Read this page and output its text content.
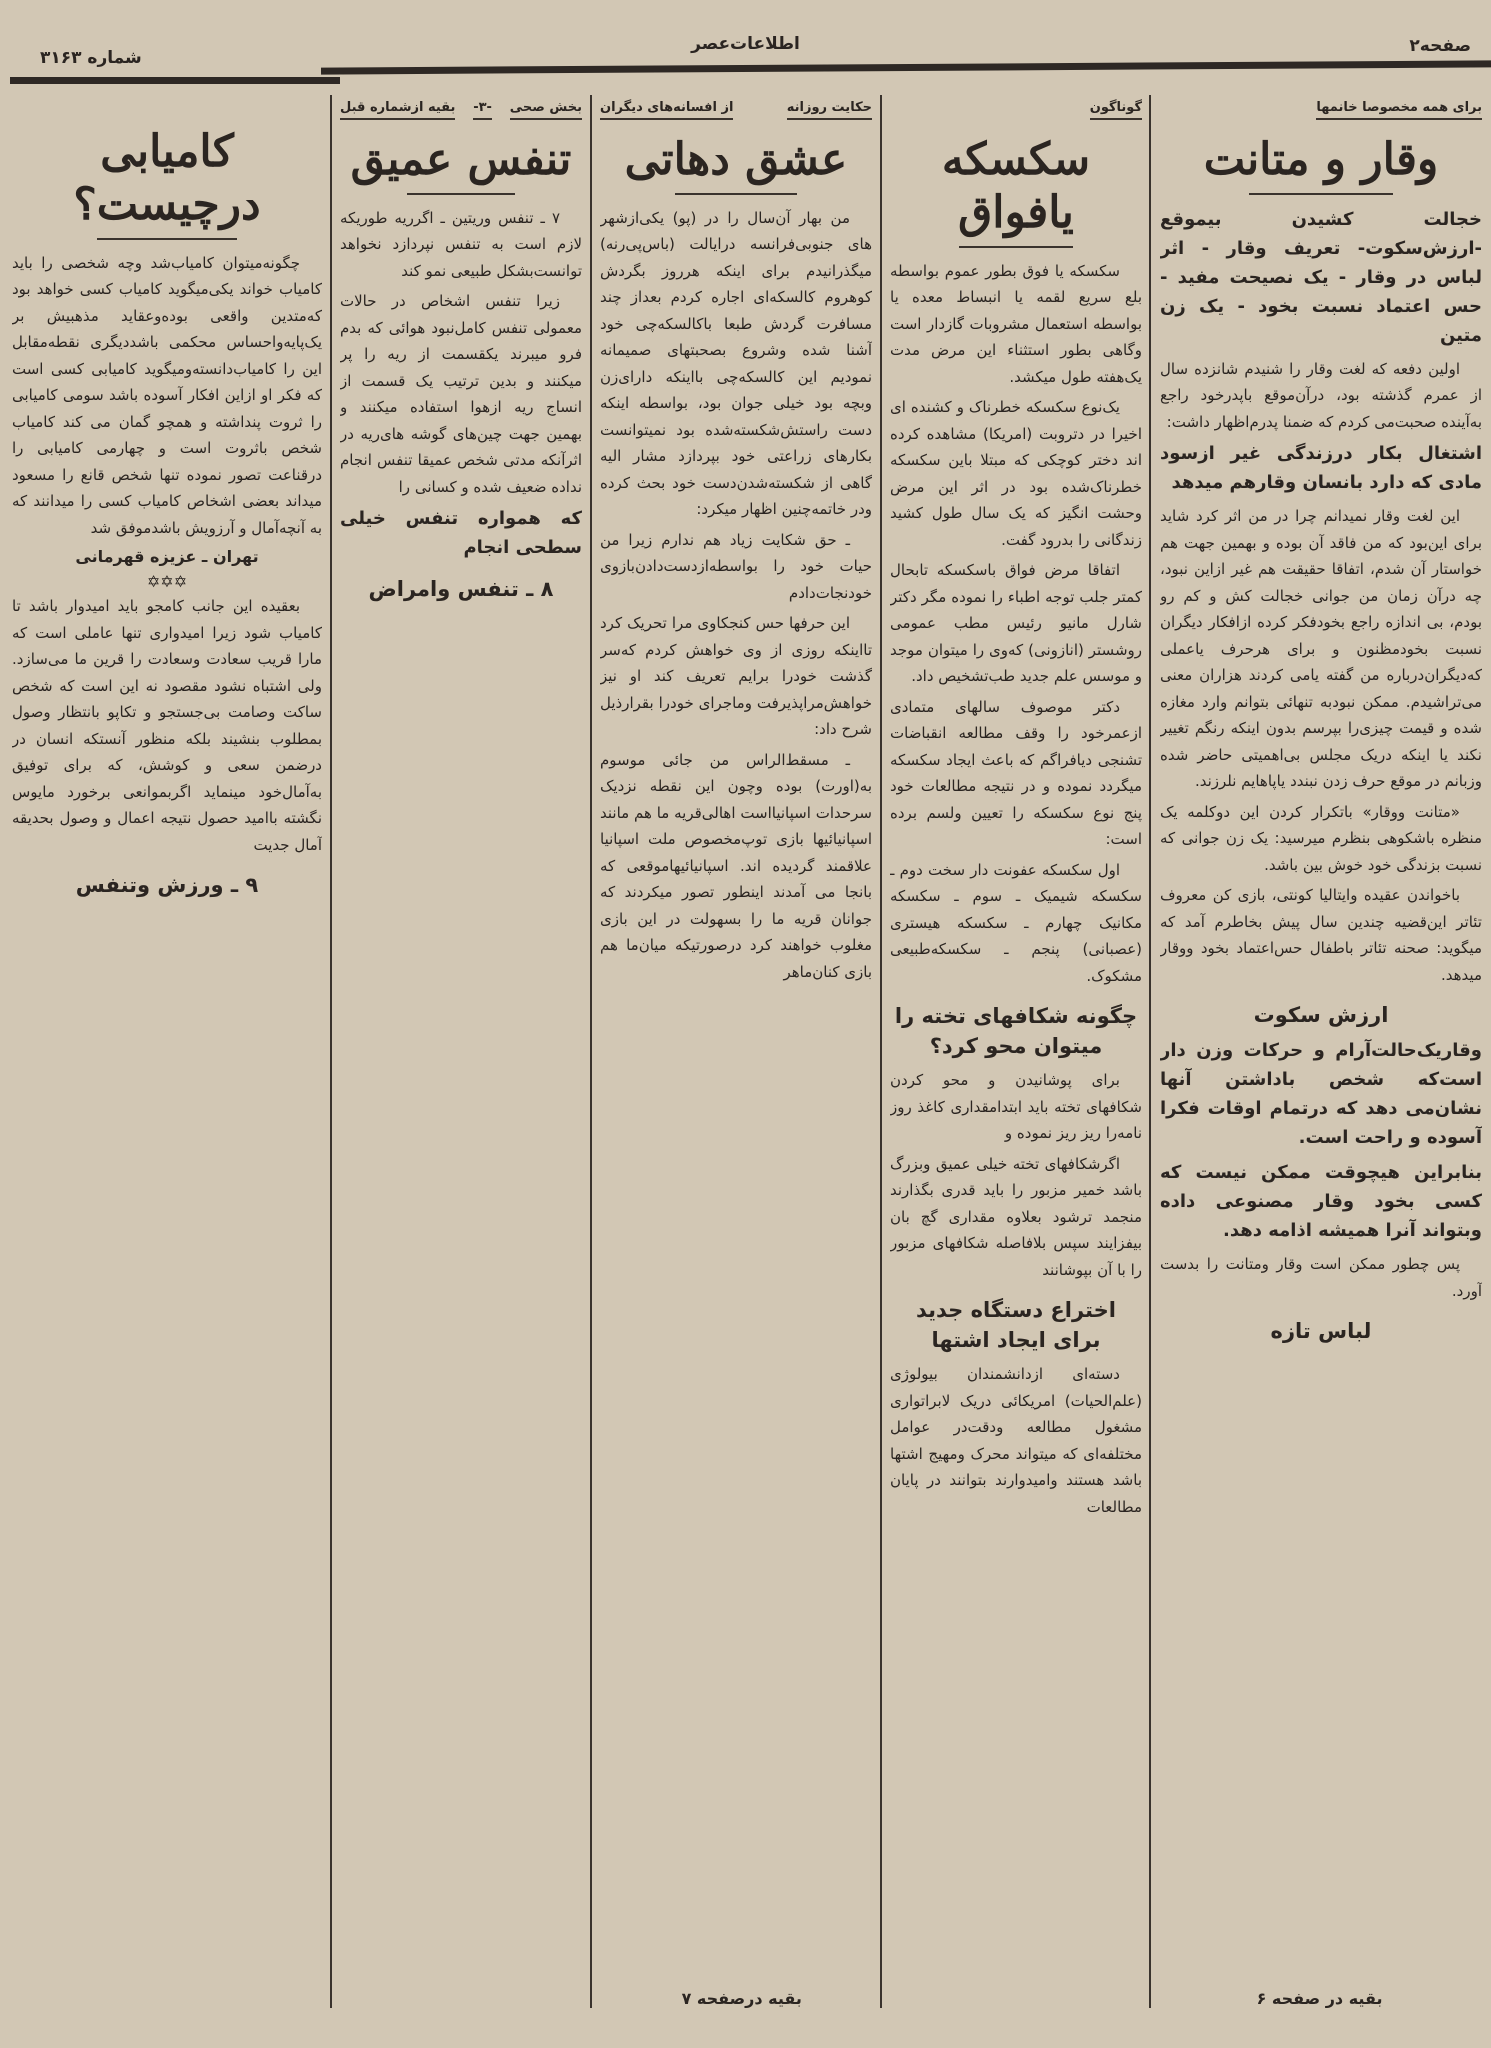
صفحه۲
اطلاعات‌عصر
شماره ۳۱۶۳
برای همه مخصوصا خانمها
وقار و متانت
خجالت کشیدن بیموقع -ارزش‌سکوت- تعریف وقار - اثر لباس در وقار - یک نصیحت مفید - حس اعتماد نسبت بخود - یک زن متین
اولین دفعه که لغت وقار را شنیدم شانزده سال از عمرم گذشته بود، درآن‌موقع باپدرخود راجع به‌آینده صحبت‌می کردم که ضمنا پدرم‌اظهار داشت:
اشتغال بکار درزندگی غیر ازسود مادی که دارد بانسان وقارهم میدهد
این لغت وقار نمیدانم چرا در من اثر کرد شاید برای این‌بود که من فاقد آن بوده و بهمین جهت هم خواستار آن شدم، اتفاقا حقیقت هم غیر ازاین نبود، چه درآن زمان من جوانی خجالت کش و کم رو بودم، بی اندازه راجع بخودفکر کرده ازافکار دیگران نسبت بخودمظنون و برای هرحرف یاعملی که‌دیگران‌درباره من گفته یامی کردند هزاران معنی می‌تراشیدم. ممکن نبودبه تنهائی بتوانم وارد مغازه شده و قیمت چیزی‌را بپرسم بدون اینکه رنگم تغییر نکند یا اینکه دریک مجلس بی‌اهمیتی حاضر شده وزبانم در موقع حرف زدن نبندد یاپاهایم نلرزند.
«متانت ووقار» باتکرار کردن این دوکلمه یک منظره باشکوهی بنظرم میرسید: یک زن جوانی که نسبت بزندگی خود خوش بین باشد.
باخواندن عقیده وایتالیا کونتی، بازی کن معروف تئاتر این‌قضیه چندین سال پیش بخاطرم آمد که میگوید: صحنه تئاتر باطفال حس‌اعتماد بخود ووقار میدهد.
ارزش سکوت
وقاریک‌حالت‌آرام و حرکات وزن دار است‌که شخص باداشتن آنها نشان‌می دهد که درتمام اوقات فکرا آسوده و راحت است.
بنابراین هیچوقت ممکن نیست که کسی بخود وقار مصنوعی داده وبتواند آنرا همیشه اذامه دهد.
پس چطور ممکن است وقار ومتانت را بدست آورد.
لباس تازه
بقیه در صفحه ۶
گوناگون
سکسکه یافواق
سکسکه یا فوق بطور عموم بواسطه بلع سریع لقمه یا انبساط معده یا بواسطه استعمال مشروبات گازدار است وگاهی بطور استثناء این مرض مدت یک‌هفته طول میکشد.
یک‌نوع سکسکه خطرناک و کشنده ای اخیرا در دتروبت (امریکا) مشاهده کرده اند دختر کوچکی که مبتلا باین سکسکه خطرناک‌شده بود در اثر این مرض وحشت انگیز که یک سال طول کشید زندگانی را بدرود گفت.
اتفاقا مرض فواق باسکسکه تابحال کمتر جلب توجه اطباء را نموده مگر دکتر شارل مانیو رئیس مطب عمومی روشستر (انازونی) که‌وی را میتوان موجد و موسس علم جدید طب‌تشخیص داد.
دکتر موصوف سالهای متمادی ازعمرخود را وقف مطالعه انقباضات تشنجی دیافراگم که باعث ایجاد سکسکه میگردد نموده و در نتیجه مطالعات خود پنج نوع سکسکه را تعیین ولسم برده است:
اول سکسکه عفونت دار سخت دوم ـ سکسکه شیمیک ـ سوم ـ سکسکه مکانیک چهارم ـ سکسکه هیستری (عصبانی) پنجم ـ سکسکه‌طبیعی مشکوک.
چگونه شکافهای تخته را میتوان محو کرد؟
برای پوشانیدن و محو کردن شکافهای تخته باید ابتدامقداری کاغذ روز نامه‌را ریز ریز نموده و
اگرشکافهای تخته خیلی عمیق وبزرگ باشد خمیر مزبور را باید قدری بگذارند منجمد ترشود بعلاوه مقداری گچ بان بیفزایند سپس بلافاصله شکافهای مزبور را با آن بپوشانند
اختراع دستگاه جدید برای ایجاد اشتها
دسته‌ای ازدانشمندان بیولوژی (علم‌الحیات) امریکائی دریک لابراتواری مشغول مطالعه ودقت‌در عوامل مختلفه‌ای که میتواند محرک ومهیج اشتها باشد هستند وامیدوارند بتوانند در پایان مطالعات
حکایت روزانه
از افسانه‌های دیگران
عشق دهاتی
من بهار آن‌سال را در (پو) یکی‌ازشهر های جنوبی‌فرانسه درایالت (باس‌پی‌رنه) میگذرانیدم برای اینکه هرروز بگردش کوهروم کالسکه‌ای اجاره کردم بعداز چند مسافرت گردش طبعا باکالسکه‌چی خود آشنا شده وشروع بصحبتهای صمیمانه نمودیم این کالسکه‌چی بااینکه دارای‌زن وبچه بود خیلی جوان بود، بواسطه اینکه دست راستش‌شکسته‌شده بود نمیتوانست بکارهای زراعتی خود بپردازد مشار الیه گاهی از شکسته‌شدن‌دست خود بحث کرده ودر خاتمه‌چنین اظهار میکرد:
ـ حق شکایت زیاد هم ندارم زیرا من حیات خود را بواسطه‌ازدست‌دادن‌بازوی خودنجات‌دادم
این حرفها حس کنجکاوی مرا تحریک کرد تااینکه روزی از وی خواهش کردم که‌سر گذشت خودرا برایم تعریف کند او نیز خواهش‌مراپذیرفت وماجرای خودرا بقرارذیل شرح داد:
ـ مسقط‌الراس من جائی موسوم به(اورت) بوده وچون این نقطه نزدیک سرحدات اسپانیااست اهالی‌قریه ما هم مانند اسپانیائیها بازی توپ‌مخصوص ملت اسپانیا علاقمند گردیده اند. اسپانیائیهاموقعی که بانجا می آمدند اینطور تصور میکردند که جوانان قریه ما را بسهولت در این بازی مغلوب خواهند کرد درصورتیکه میان‌ما هم بازی کنان‌ماهر
بقیه درصفحه ۷
بخش صحی
-۳-
بقیه ازشماره قبل
تنفس عمیق
۷ ـ تنفس وریتین ـ اگرریه طوریکه لازم است به تنفس نپردازد نخواهد توانست‌بشکل طبیعی نمو کند
زیرا تنفس اشخاص در حالات معمولی تنفس کامل‌نبود هوائی که بدم فرو میبرند یکقسمت از ریه را پر میکنند و بدین ترتیب یک قسمت از انساج ریه ازهوا استفاده میکنند و بهمین جهت چین‌های گوشه های‌ریه در اثرآنکه مدتی شخص عمیقا تنفس انجام نداده ضعیف شده و کسانی را
که همواره تنفس خیلی سطحی انجام
۸ ـ تنفس وامراض
کامیابی درچیست؟
چگونه‌میتوان کامیاب‌شد وچه شخصی را باید کامیاب خواند یکی‌میگوید کامیاب کسی خواهد بود که‌متدین واقعی بوده‌وعقاید مذهبیش بر یک‌پایه‌واحساس محکمی باشد‌دیگری نقطه‌مقابل این را کامیاب‌دانسته‌ومیگوید کامیابی کسی است که فکر او ازاین افکار آسوده باشد سومی کامیابی را ثروت پنداشته و همچو گمان می کند کامیاب شخص باثروت است و چهارمی کامیابی را درقناعت تصور نموده تنها شخص قانع را مسعود میداند بعضی اشخاص کامیاب کسی را میدانند که به آنچه‌آمال و آرزویش باشدموفق شد
تهران ـ عزیزه قهرمانی
✡✡✡
بعقیده این جانب کامجو باید امیدوار باشد تا کامیاب شود زیرا امیدواری تنها عاملی است که مارا قریب سعادت وسعادت را قرین ما می‌سازد. ولی اشتباه نشود مقصود نه این است که شخص ساکت وصامت بی‌جستجو و تکاپو بانتظار وصول بمطلوب بنشیند بلکه منظور آنستکه انسان در درضمن سعی و کوشش، که برای توفیق به‌آمال‌خود مینماید اگربموانعی برخورد مایوس نگشته باامید حصول نتیجه اعمال و وصول بحدیقه آمال جدیت
۹ ـ ورزش وتنفس
